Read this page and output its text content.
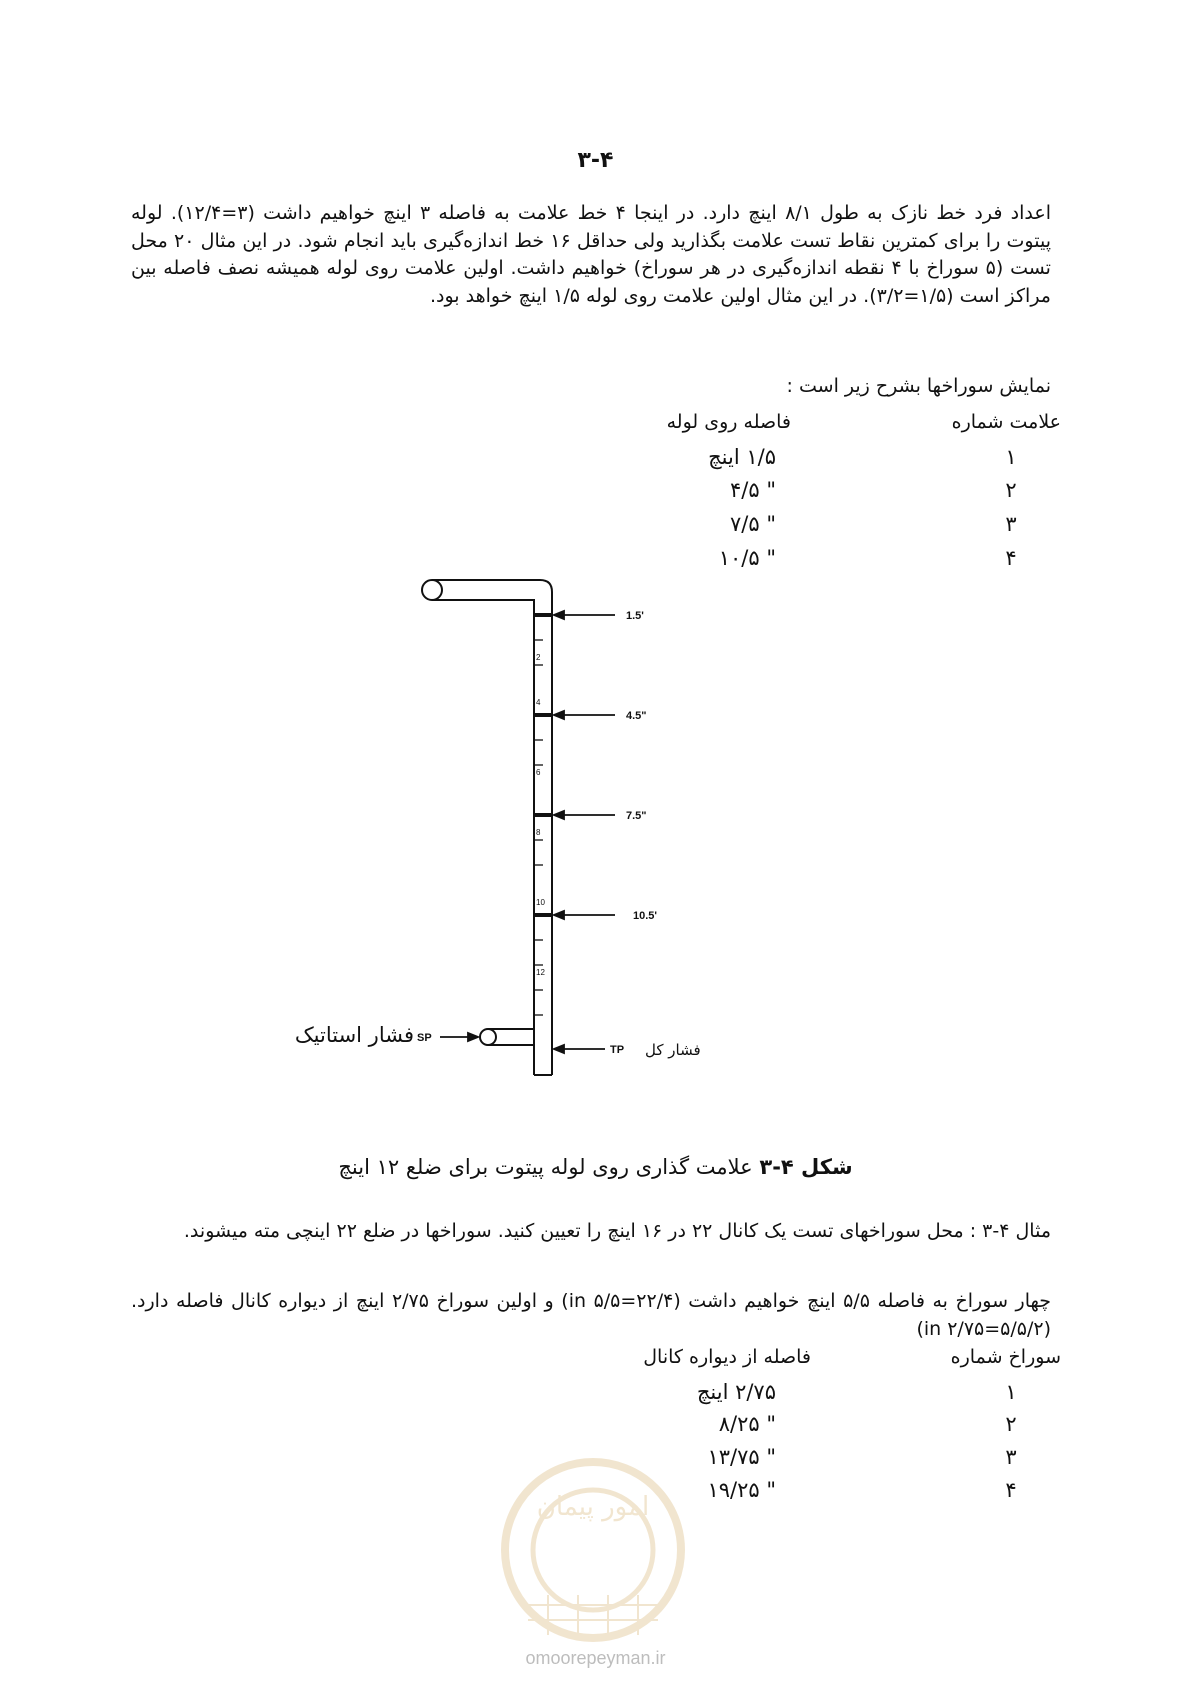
۳-۴
اعداد فرد خط نازک به طول ۸/۱ اینچ دارد. در اینجا ۴ خط علامت به فاصله ۳ اینچ خواهیم داشت (۳=۱۲/۴). لوله پیتوت را برای کمترین نقاط تست علامت بگذارید ولی حداقل ۱۶ خط اندازه‌گیری باید انجام شود. در این مثال ۲۰ محل تست (۵ سوراخ با ۴ نقطه اندازه‌گیری در هر سوراخ) خواهیم داشت. اولین علامت روی لوله همیشه نصف فاصله بین مراکز است (۱/۵=۳/۲). در این مثال اولین علامت روی لوله ۱/۵ اینچ خواهد بود.
نمایش سوراخها بشرح زیر است :
علامت شماره
فاصله روی لوله
۱
۱/۵ اینچ
۲
" ۴/۵
۳
" ۷/۵
۴
" ۱۰/۵
2
4
6
8
10
12
1.5'
4.5"
7.5"
10.5'
TP
SP
فشار استاتیک
فشار کل
شکل ۴-۳ علامت گذاری روی لوله پیتوت برای ضلع ۱۲ اینچ
مثال ۴-۳ : محل سوراخهای تست یک کانال ۲۲ در ۱۶ اینچ را تعیین کنید. سوراخها در ضلع ۲۲ اینچی مته میشوند.
چهار سوراخ به فاصله ۵/۵ اینچ خواهیم داشت (in ۵/۵=۲۲/۴) و اولین سوراخ ۲/۷۵ اینچ از دیواره کانال فاصله دارد. (in ۲/۷۵=۵/۵/۲)
سوراخ شماره
فاصله از دیواره کانال
۱
۲/۷۵ اینچ
۲
" ۸/۲۵
۳
" ۱۳/۷۵
۴
" ۱۹/۲۵
امور پیمان
omoorepeyman.ir
